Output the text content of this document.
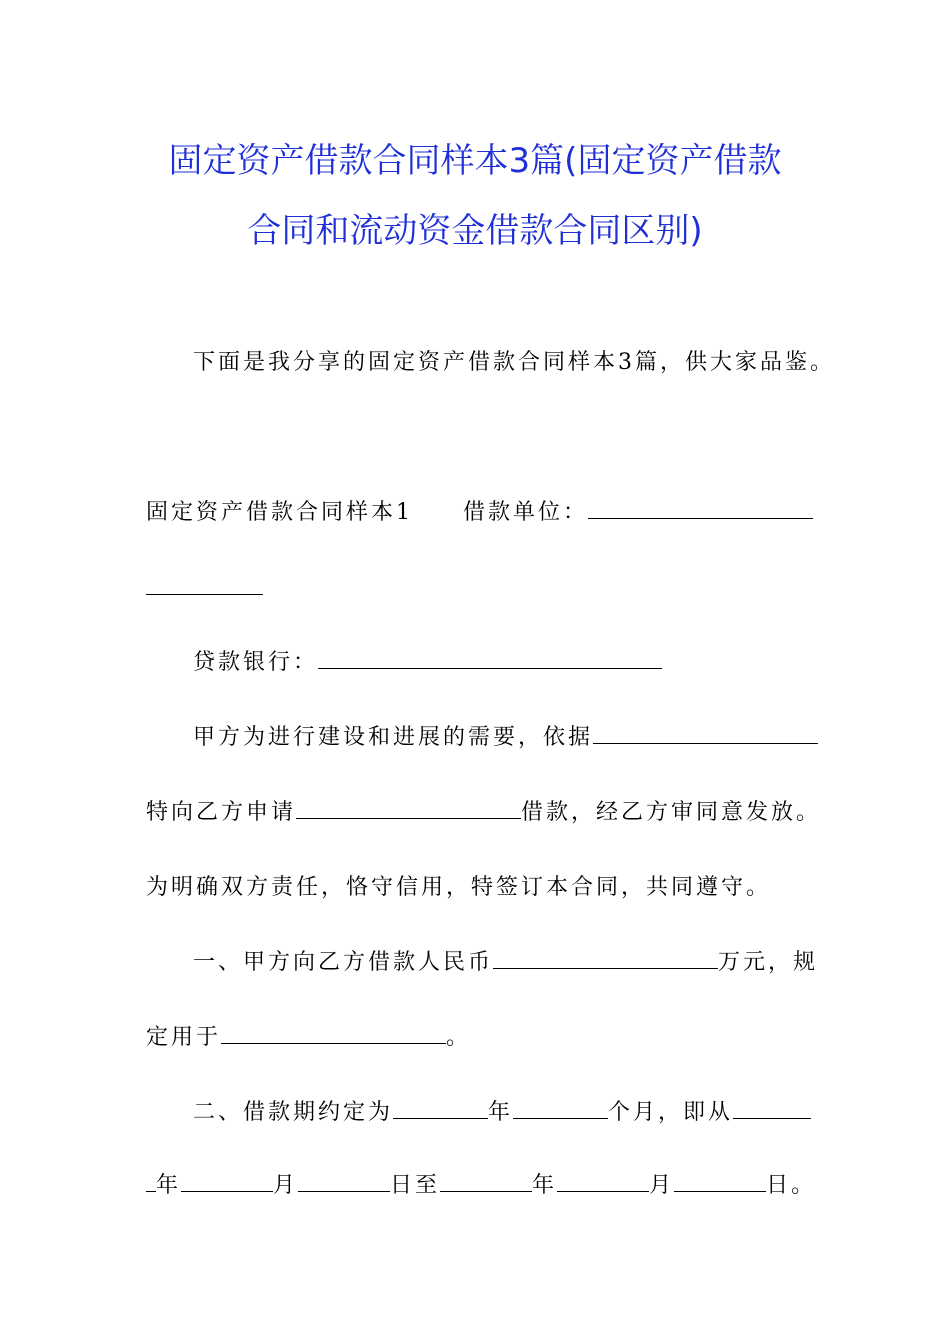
固定资产借款合同样本3篇(固定资产借款
合同和流动资金借款合同区别)
下面是我分享的固定资产借款合同样本3篇，供大家品鉴。
固定资产借款合同样本1 借款单位：
贷款银行：
甲方为进行建设和进展的需要，依据
特向乙方申请	借款，经乙方审同意发放。
为明确双方责任，恪守信用，特签订本合同，共同遵守。
一、甲方向乙方借款人民币	万元，规
定用于	。
二、借款期约定为	年	个月，即从
年	月	日至	年	月	日。
